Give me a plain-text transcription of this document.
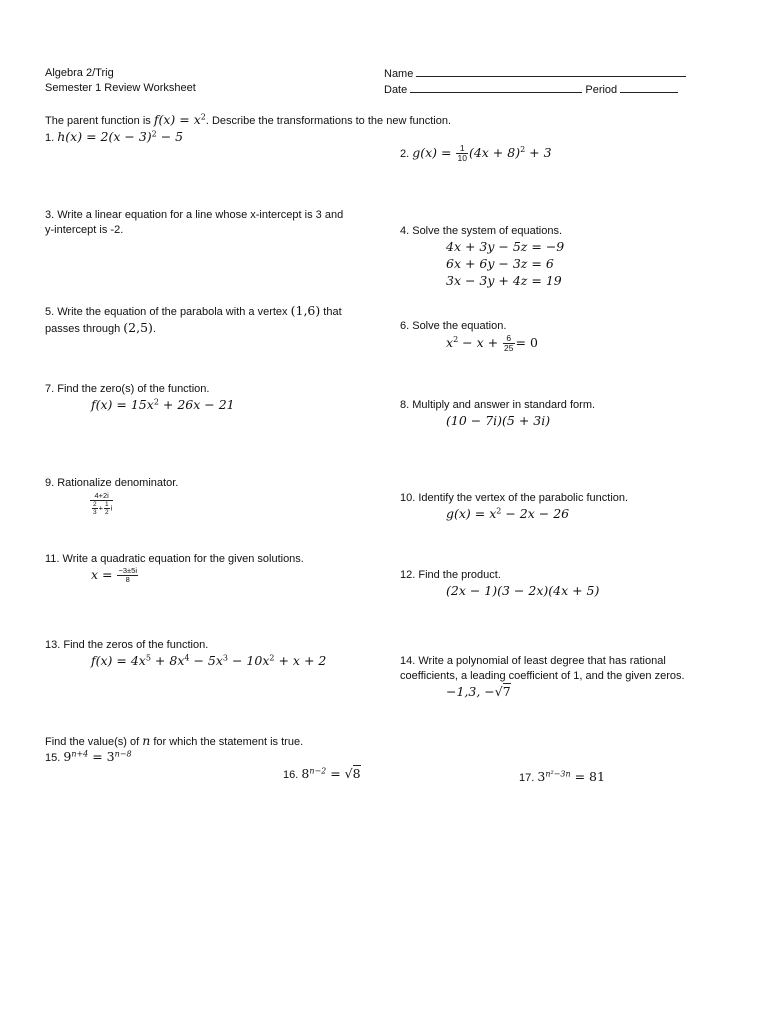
Algebra 2/Trig
Semester 1 Review Worksheet
Name
Date	Period
The parent function is $f(x) = x^2$. Describe the transformations to the new function.
1. $h(x) = 2(x - 3)^2 - 5$
2. $g(x) = \frac{1}{10} (4x + 8)^2 + 3$
3. Write a linear equation for a line whose x-intercept is 3 and
y-intercept is -2.	4. Solve the system of equations.
4x + 3y − 5z = −9
6x + 6y − 3z = 6
3x − 3y + 4z = 19
5. Write the equation of the parabola with a vertex (1,6) that
passes through (2,5).	6. Solve the equation.
$x^2 - x + \frac{6}{25} = 0$
7. Find the zero(s) of the function.
$f(x) = 15x^2 + 26x - 21$	8. Multiply and answer in standard form.
(10 − 7i)(5 + 3i)
9. Rationalize denominator.
$\frac{4+2i}{\frac{2}{3} + \frac{1}{2} i}$	10. Identify the vertex of the parabolic function.
$g(x) = x^2 - 2x - 26$
11. Write a quadratic equation for the given solutions.
$x = \frac{-3\pm 5i}{8}$	12. Find the product.
(2x − 1)(3 − 2x)(4x + 5)
13. Find the zeros of the function.
$f(x) = 4x^5 + 8x^4 - 5x^3 - 10x^2 + x + 2$	14. Write a polynomial of least degree that has rational
coefficients, a leading coefficient of 1, and the given zeros.
−1,3, −√7
Find the value(s) of n for which the statement is true.
15. $9^{n+4} = 3^{n-8}$
16. $8^{n-2} = √8$	17. $3^{n^2-3n} = 81$
